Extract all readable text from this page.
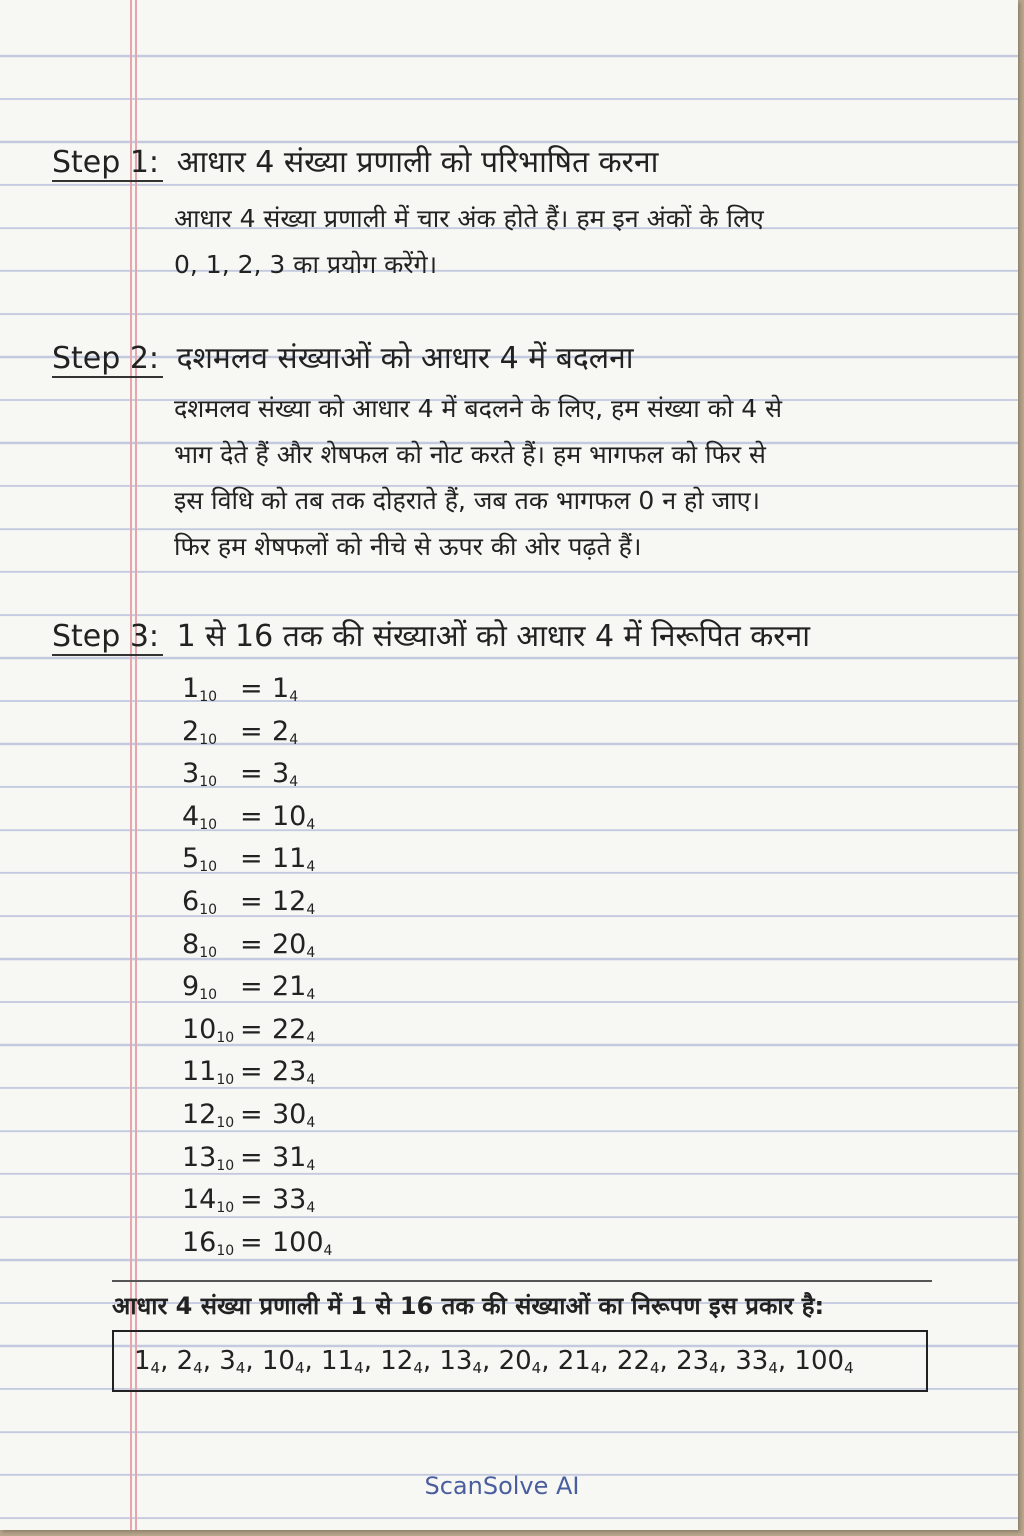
Step 1: आधार 4 संख्या प्रणाली को परिभाषित करना
आधार 4 संख्या प्रणाली में चार अंक होते हैं। हम इन अंकों के लिए
0, 1, 2, 3 का प्रयोग करेंगे।
Step 2: दशमलव संख्याओं को आधार 4 में बदलना
दशमलव संख्या को आधार 4 में बदलने के लिए, हम संख्या को 4 से
भाग देते हैं और शेषफल को नोट करते हैं। हम भागफल को फिर से
इस विधि को तब तक दोहराते हैं, जब तक भागफल 0 न हो जाए।
फिर हम शेषफलों को नीचे से ऊपर की ओर पढ़ते हैं।
Step 3: 1 से 16 तक की संख्याओं को आधार 4 में निरूपित करना
$1_{10} = 1_4$
$2_{10} = 2_4$
$3_{10} = 3_4$
$4_{10} = 10_4$
$5_{10} = 11_4$
$6_{10} = 12_4$
$8_{10} = 20_4$
$9_{10} = 21_4$
$10_{10} = 22_4$
$11_{10} = 23_4$
$12_{10} = 30_4$
$13_{10} = 31_4$
$14_{10} = 33_4$
$16_{10} = 100_4$
आधार 4 संख्या प्रणाली में 1 से 16 तक की संख्याओं का निरूपण इस प्रकार है:
$1_4$ , $2_4$ , $3_4$ , $10_4$ , $11_4$ , $12_4$ , $13_4$ , $20_4$ , $21_4$ , $22_4$ , $23_4$ , $33_4$ , $100_4$
ScanSolve AI
